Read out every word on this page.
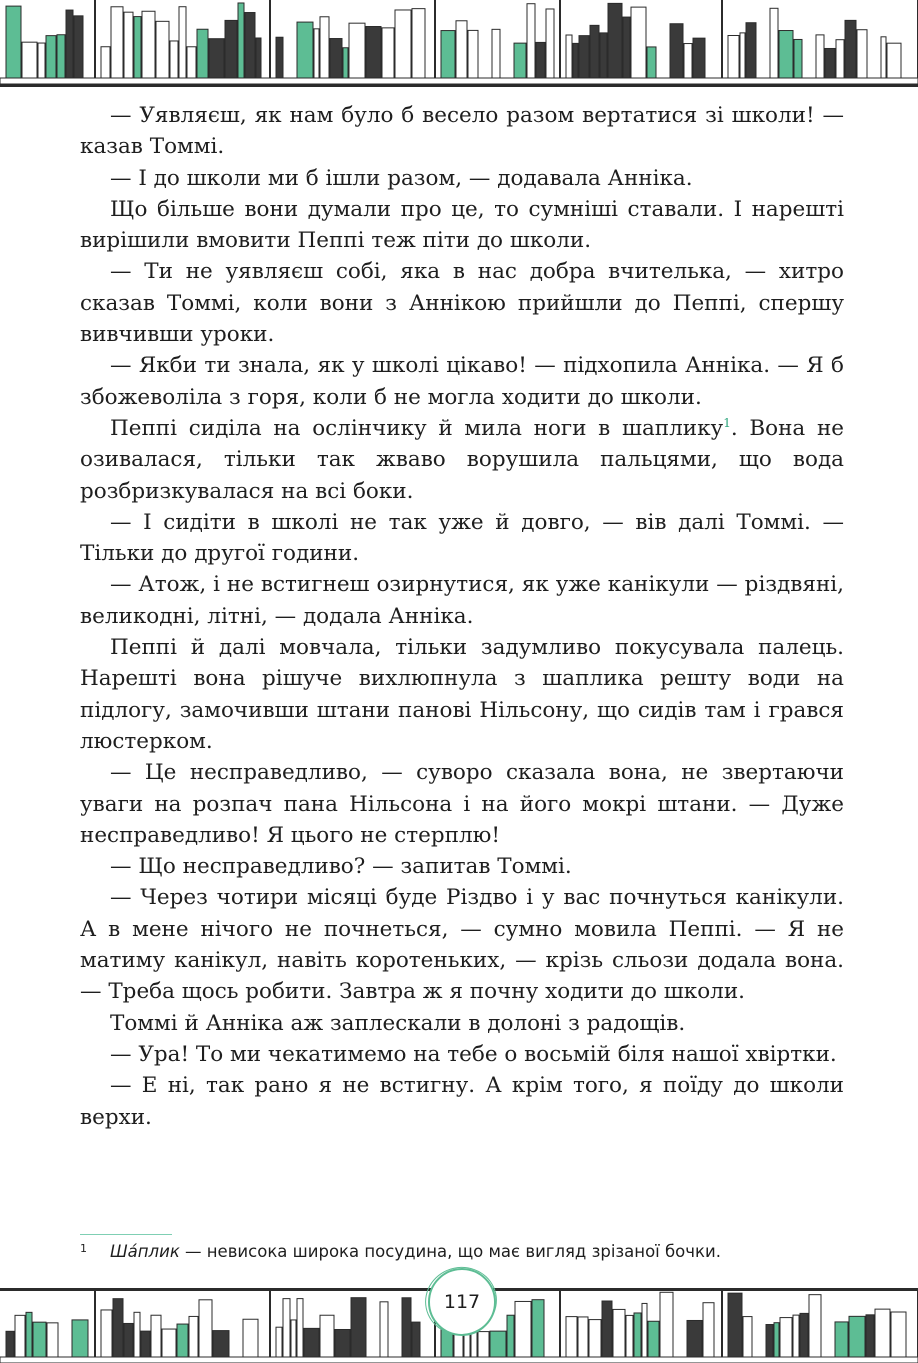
— Уявляєш, як нам було б весело разом вертатися зі школи! — казав Томмі.

— І до школи ми б ішли разом, — додавала Анніка.

Що більше вони думали про це, то сумніші ставали. І нарешті вирішили вмовити Пеппі теж піти до школи.

— Ти не уявляєш собі, яка в нас добра вчителька, — хитро сказав Томмі, коли вони з Аннікою прийшли до Пеппі, спершу вивчивши уроки.

— Якби ти знала, як у школі цікаво! — підхопила Анніка. — Я б збожеволіла з горя, коли б не могла ходити до школи.

Пеппі сиділа на ослінчику й мила ноги в шаплику$^1$. Вона не озивалася, тільки так жваво ворушила пальцями, що вода розбризкувалася на всі боки.

— І сидіти в школі не так уже й довго, — вів далі Томмі. — Тільки до другої години.

— Атож, і не встигнеш озирнутися, як уже канікули — різдвяні, великодні, літні, — додала Анніка.

Пеппі й далі мовчала, тільки задумливо покусувала палець. Нарешті вона рішуче вихлюпнула з шаплика решту води на підлогу, замочивши штани панові Нільсону, що сидів там і грався люстерком.

— Це несправедливо, — суворо сказала вона, не звертаючи уваги на розпач пана Нільсона і на його мокрі штани. — Дуже несправедливо! Я цього не стерплю!

— Що несправедливо? — запитав Томмі.

— Через чотири місяці буде Різдво і у вас почнуться канікули. А в мене нічого не почнеться, — сумно мовила Пеппі. — Я не матиму канікул, навіть коротеньких, — крізь сльози додала вона. — Треба щось робити. Завтра ж я почну ходити до школи.

Томмі й Анніка аж заплескали в долоні з радощів.

— Ура! То ми чекатимемо на тебе о восьмій біля нашої хвіртки.

— Е ні, так рано я не встигну. А крім того, я поїду до школи верхи.

1 Ша́плик — невисока широка посудина, що має вигляд зрізаної бочки.
117
